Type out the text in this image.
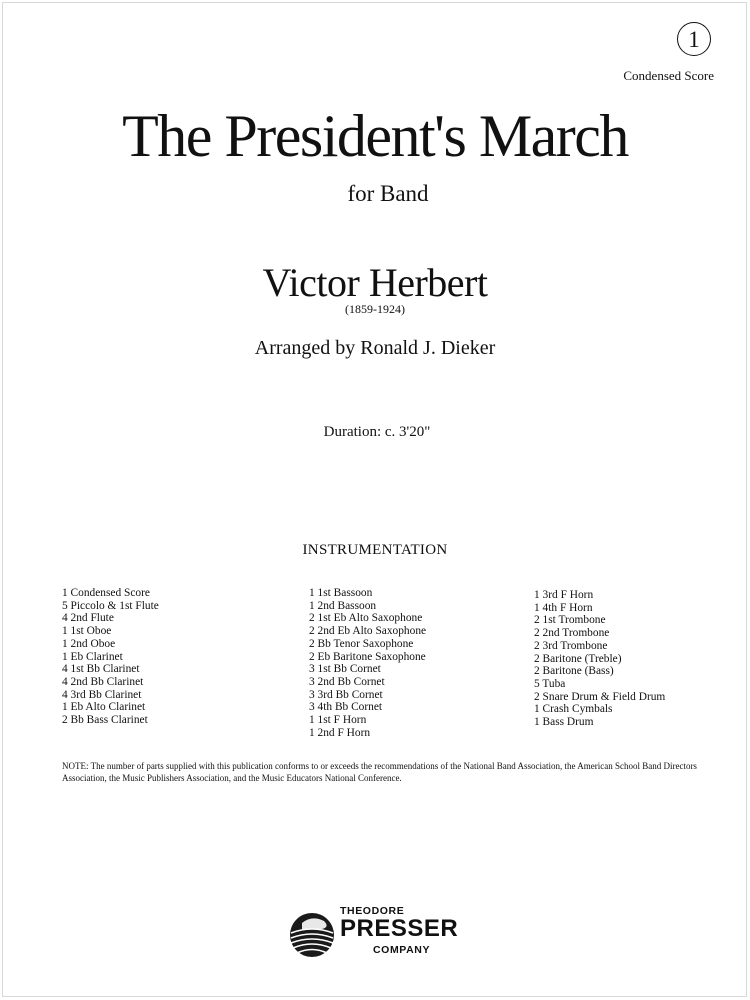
1
Condensed Score
The President's March
for Band
Victor Herbert
(1859-1924)
Arranged by Ronald J. Dieker
Duration: c. 3'20"
INSTRUMENTATION
1 Condensed Score
5 Piccolo & 1st Flute
4 2nd Flute
1 1st Oboe
1 2nd Oboe
1 Eb Clarinet
4 1st Bb Clarinet
4 2nd Bb Clarinet
4 3rd Bb Clarinet
1 Eb Alto Clarinet
2 Bb Bass Clarinet
1 1st Bassoon
1 2nd Bassoon
2 1st Eb Alto Saxophone
2 2nd Eb Alto Saxophone
2 Bb Tenor Saxophone
2 Eb Baritone Saxophone
3 1st Bb Cornet
3 2nd Bb Cornet
3 3rd Bb Cornet
3 4th Bb Cornet
1 1st F Horn
1 2nd F Horn
1 3rd F Horn
1 4th F Horn
2 1st Trombone
2 2nd Trombone
2 3rd Trombone
2 Baritone (Treble)
2 Baritone (Bass)
5 Tuba
2 Snare Drum & Field Drum
1 Crash Cymbals
1 Bass Drum
NOTE: The number of parts supplied with this publication conforms to or exceeds the recommendations of the National Band Association, the American School Band Directors Association, the Music Publishers Association, and the Music Educators National Conference.
THEODORE
PRESSER
COMPANY
